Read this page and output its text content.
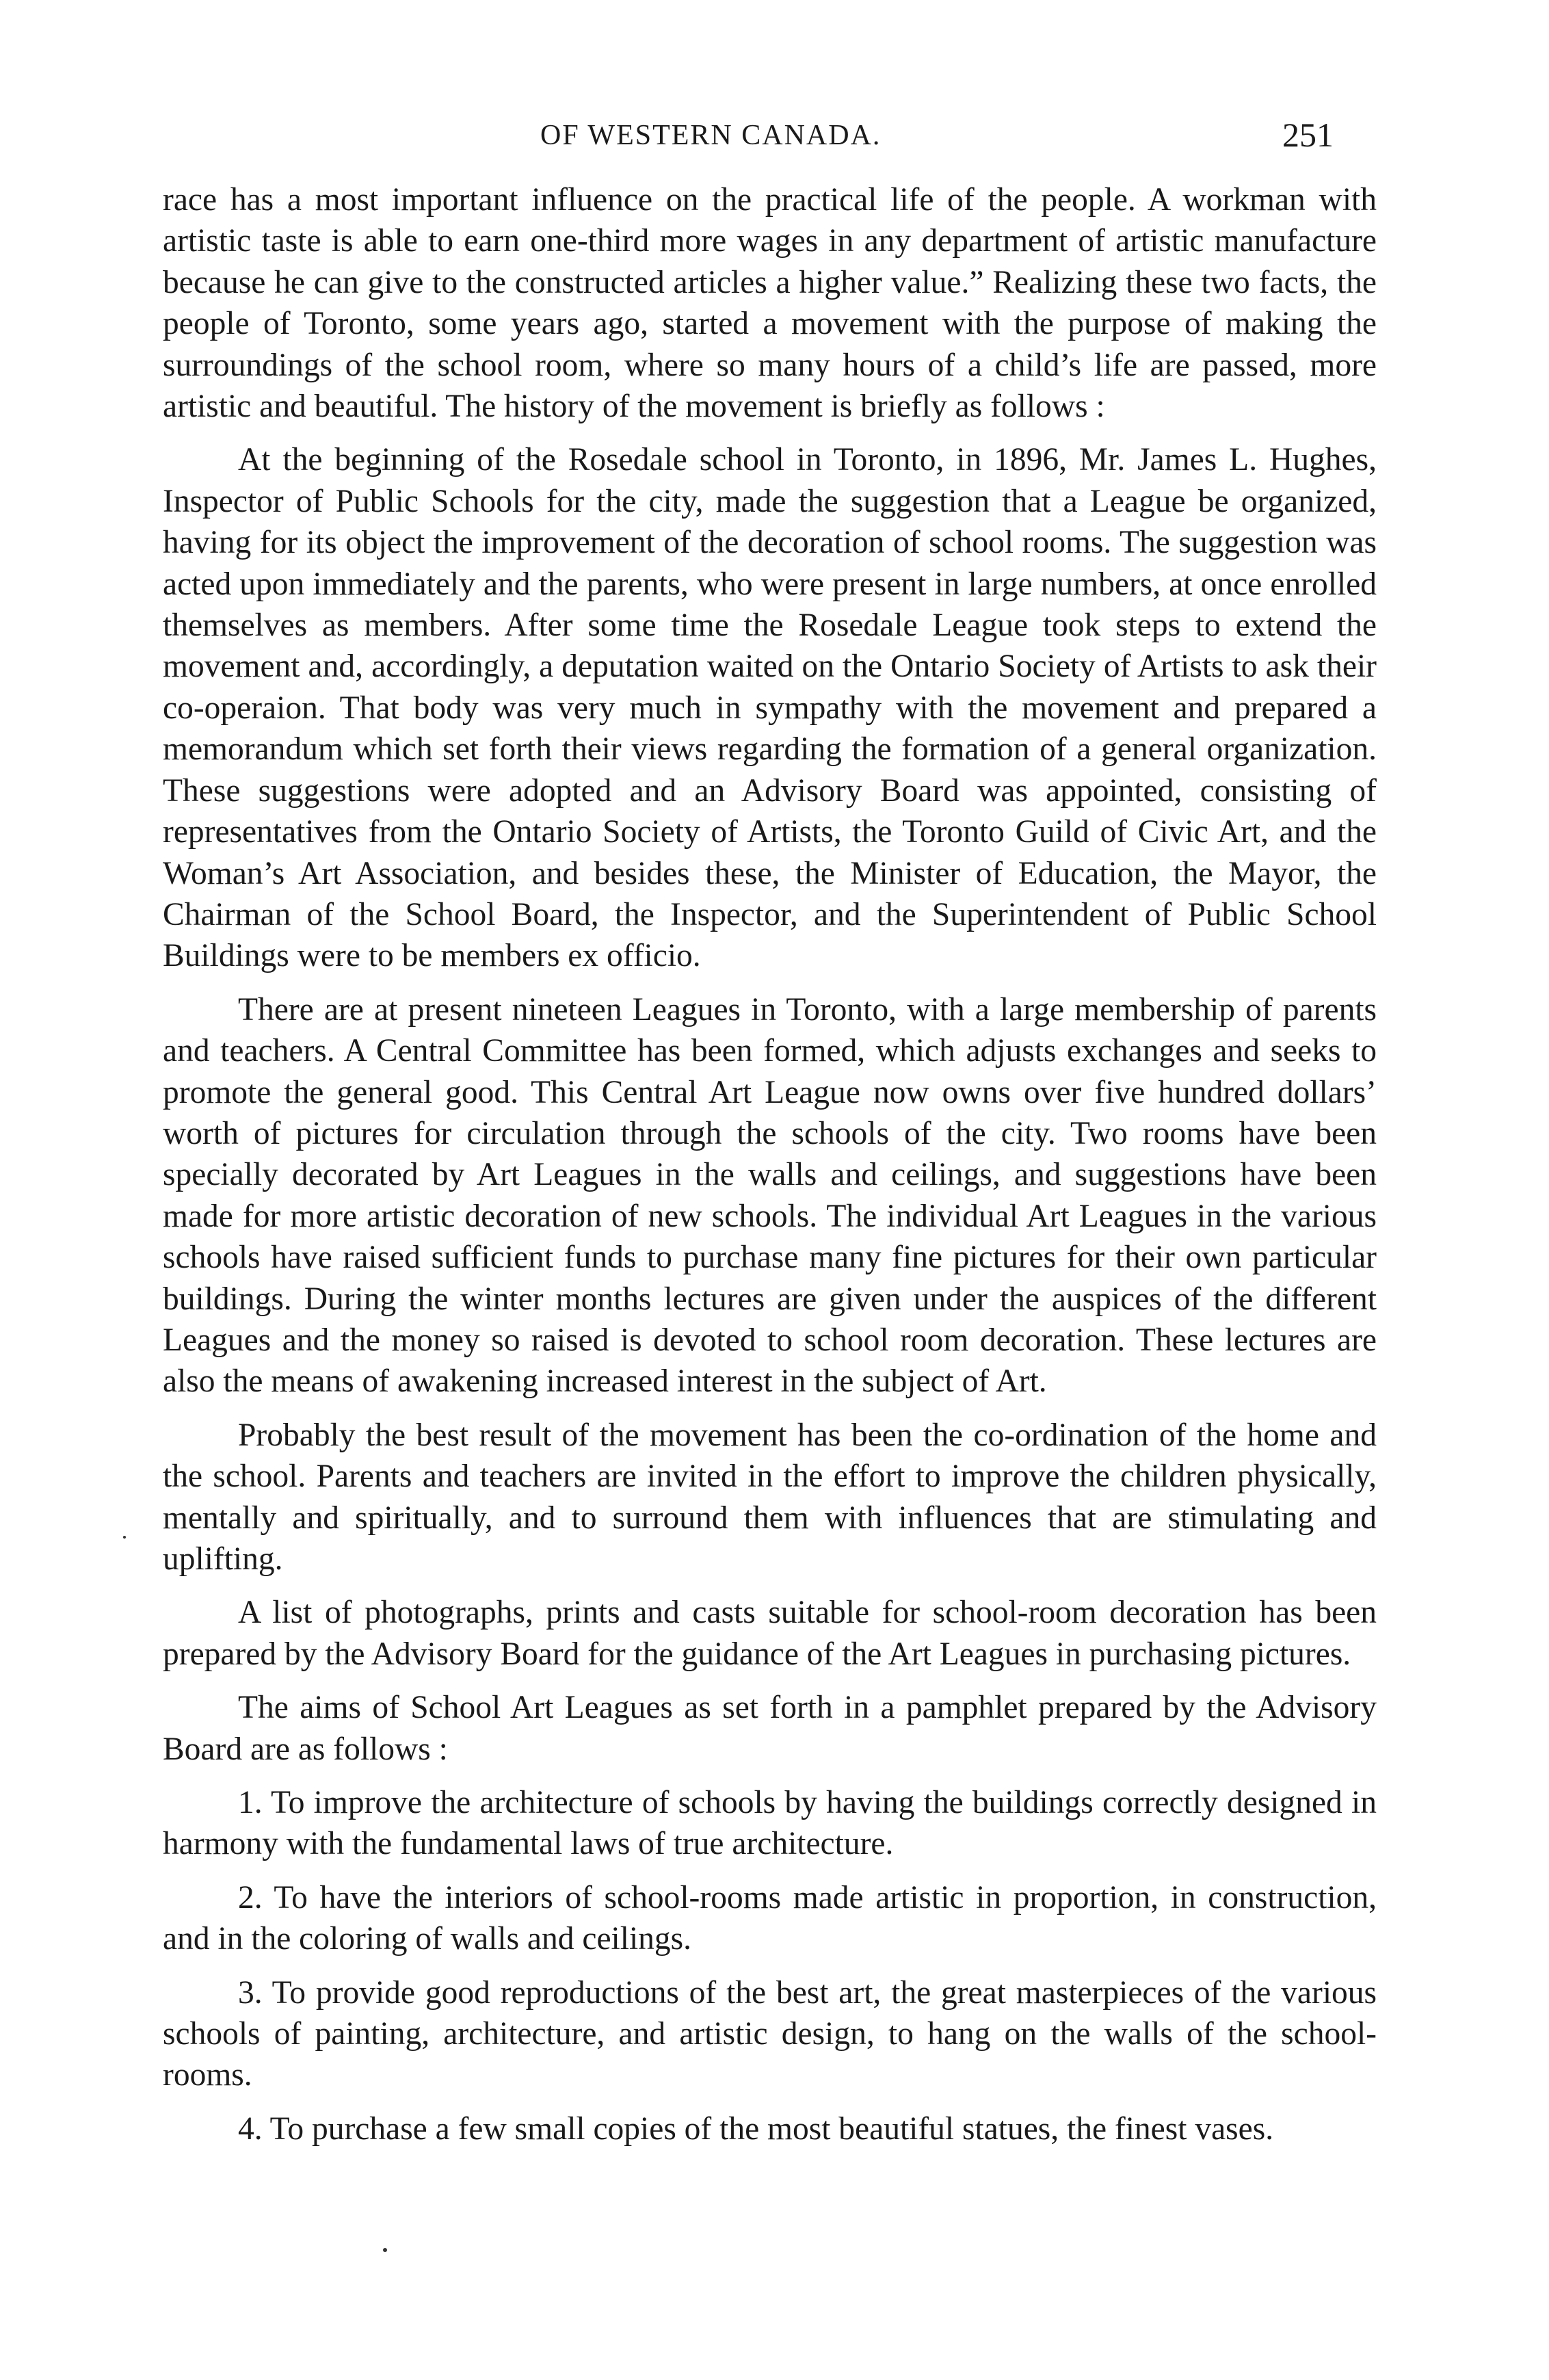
OF WESTERN CANADA.	251

race has a most important influence on the practical life of the people. A workman with artistic taste is able to earn one-third more wages in any department of artistic manufacture because he can give to the constructed articles a higher value.” Realizing these two facts, the people of Toronto, some years ago, started a movement with the purpose of making the surroundings of the school room, where so many hours of a child’s life are passed, more artistic and beautiful. The history of the movement is briefly as follows :

At the beginning of the Rosedale school in Toronto, in 1896, Mr. James L. Hughes, Inspector of Public Schools for the city, made the suggestion that a League be organized, having for its object the improvement of the decoration of school rooms. The suggestion was acted upon immediately and the parents, who were present in large numbers, at once enrolled themselves as members. After some time the Rosedale League took steps to extend the movement and, accordingly, a deputation waited on the Ontario Society of Artists to ask their co-operaion. That body was very much in sympathy with the movement and prepared a memorandum which set forth their views regarding the formation of a general organization. These suggestions were adopted and an Advisory Board was appointed, consisting of representatives from the Ontario Society of Artists, the Toronto Guild of Civic Art, and the Woman’s Art Association, and besides these, the Minister of Education, the Mayor, the Chairman of the School Board, the Inspector, and the Superintendent of Public School Buildings were to be members ex officio.

There are at present nineteen Leagues in Toronto, with a large membership of parents and teachers. A Central Committee has been formed, which adjusts exchanges and seeks to promote the general good. This Central Art League now owns over five hundred dollars’ worth of pictures for circulation through the schools of the city. Two rooms have been specially decorated by Art Leagues in the walls and ceilings, and suggestions have been made for more artistic decoration of new schools. The individual Art Leagues in the various schools have raised sufficient funds to purchase many fine pictures for their own particular buildings. During the winter months lectures are given under the auspices of the different Leagues and the money so raised is devoted to school room decoration. These lectures are also the means of awakening increased interest in the subject of Art.

Probably the best result of the movement has been the co-ordination of the home and the school. Parents and teachers are invited in the effort to improve the children physically, mentally and spiritually, and to surround them with influences that are stimulating and uplifting.

A list of photographs, prints and casts suitable for school-room decoration has been prepared by the Advisory Board for the guidance of the Art Leagues in purchasing pictures.

The aims of School Art Leagues as set forth in a pamphlet prepared by the Advisory Board are as follows :

1. To improve the architecture of schools by having the buildings correctly designed in harmony with the fundamental laws of true architecture.

2. To have the interiors of school-rooms made artistic in proportion, in construction, and in the coloring of walls and ceilings.

3. To provide good reproductions of the best art, the great masterpieces of the various schools of painting, architecture, and artistic design, to hang on the walls of the school-rooms.

4. To purchase a few small copies of the most beautiful statues, the finest vases.
